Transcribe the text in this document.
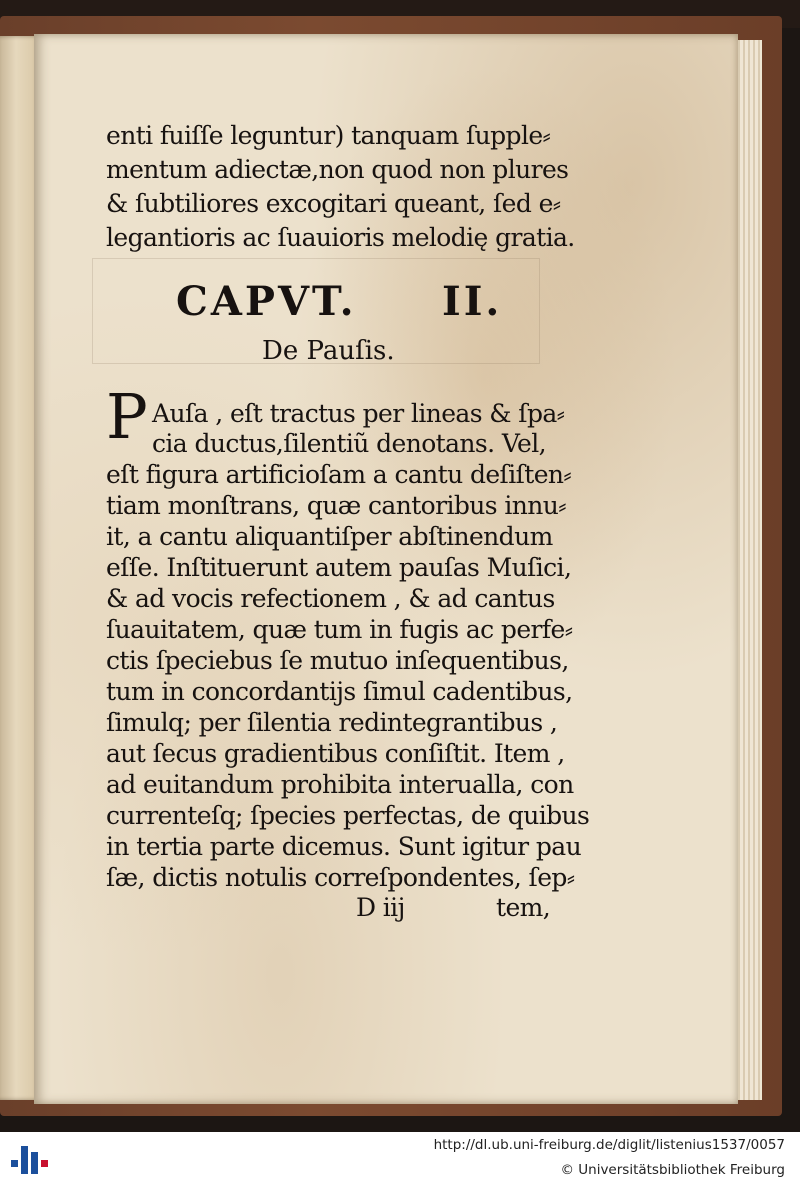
enti fuiſſe leguntur) tanquam ſupple⸗
mentum adiectæ,non quod non plures
& ſubtiliores excogitari queant, ſed e⸗
legantioris ac ſuauioris melodię gratia.
CAPVT. II.
De Pauſis.
P Auſa , eſt tractus per lineas & ſpa⸗
cia ductus,ſilentiũ denotans. Vel,
eſt figura artificioſam a cantu deſiſten⸗
tiam monſtrans, quæ cantoribus innu⸗
it, a cantu aliquantiſper abſtinendum
eſſe. Inſtituerunt autem pauſas Muſici,
& ad vocis refectionem , & ad cantus
ſuauitatem, quæ tum in fugis ac perfe⸗
ctis ſpeciebus ſe mutuo inſequentibus,
tum in concordantijs ſimul cadentibus,
ſimulq; per ſilentia redintegrantibus ,
aut ſecus gradientibus conſiſtit. Item ,
ad euitandum prohibita interualla, con
currenteſq; ſpecies perfectas, de quibus
in tertia parte dicemus. Sunt igitur pau
ſæ, dictis notulis correſpondentes, ſep⸗
D iij	tem,
http://dl.ub.uni-freiburg.de/diglit/listenius1537/0057
© Universitätsbibliothek Freiburg
